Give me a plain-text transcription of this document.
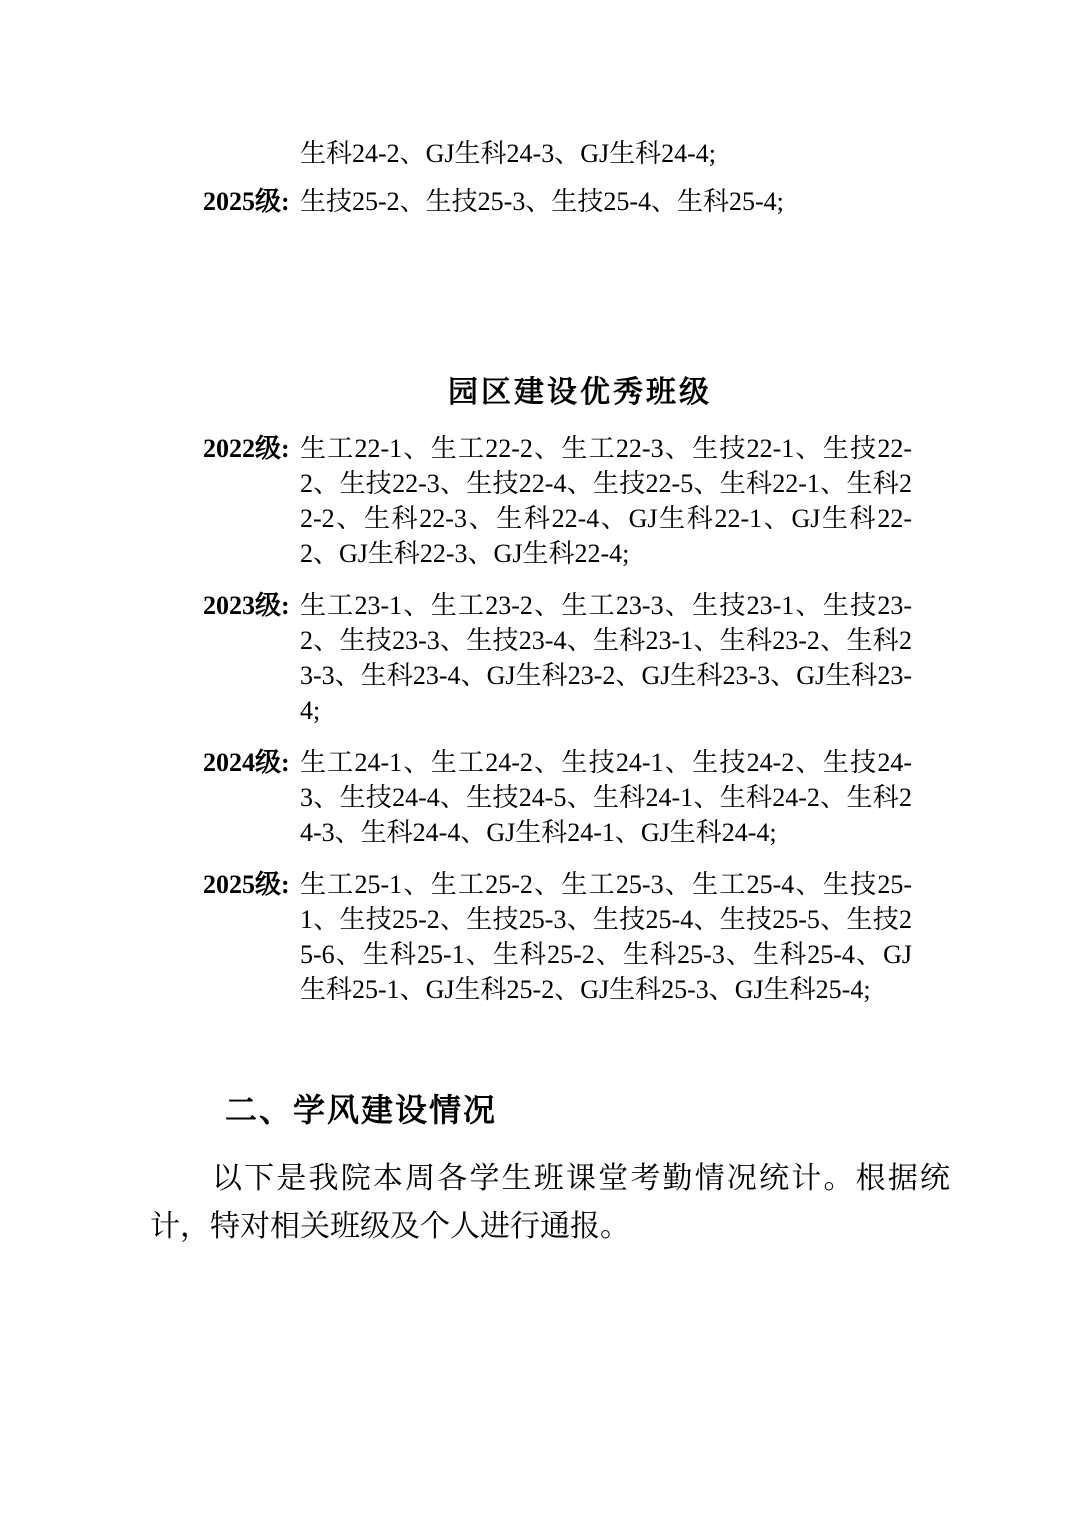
生科24-2、GJ生科24-3、GJ生科24-4;
2025级: 生技25-2、生技25-3、生技25-4、生科25-4;
园区建设优秀班级
2022级: 生工22-1、生工22-2、生工22-3、生技22-1、生技22-2、生技22-3、生技22-4、生技22-5、生科22-1、生科22-2、生科22-3、生科22-4、GJ生科22-1、GJ生科22-2、GJ生科22-3、GJ生科22-4;
2023级: 生工23-1、生工23-2、生工23-3、生技23-1、生技23-2、生技23-3、生技23-4、生科23-1、生科23-2、生科23-3、生科23-4、GJ生科23-2、GJ生科23-3、GJ生科23-4;
2024级: 生工24-1、生工24-2、生技24-1、生技24-2、生技24-3、生技24-4、生技24-5、生科24-1、生科24-2、生科24-3、生科24-4、GJ生科24-1、GJ生科24-4;
2025级: 生工25-1、生工25-2、生工25-3、生工25-4、生技25-1、生技25-2、生技25-3、生技25-4、生技25-5、生技25-6、生科25-1、生科25-2、生科25-3、生科25-4、GJ生科25-1、GJ生科25-2、GJ生科25-3、GJ生科25-4;
二、学风建设情况

以下是我院本周各学生班课堂考勤情况统计。根据统计，特对相关班级及个人进行通报。
